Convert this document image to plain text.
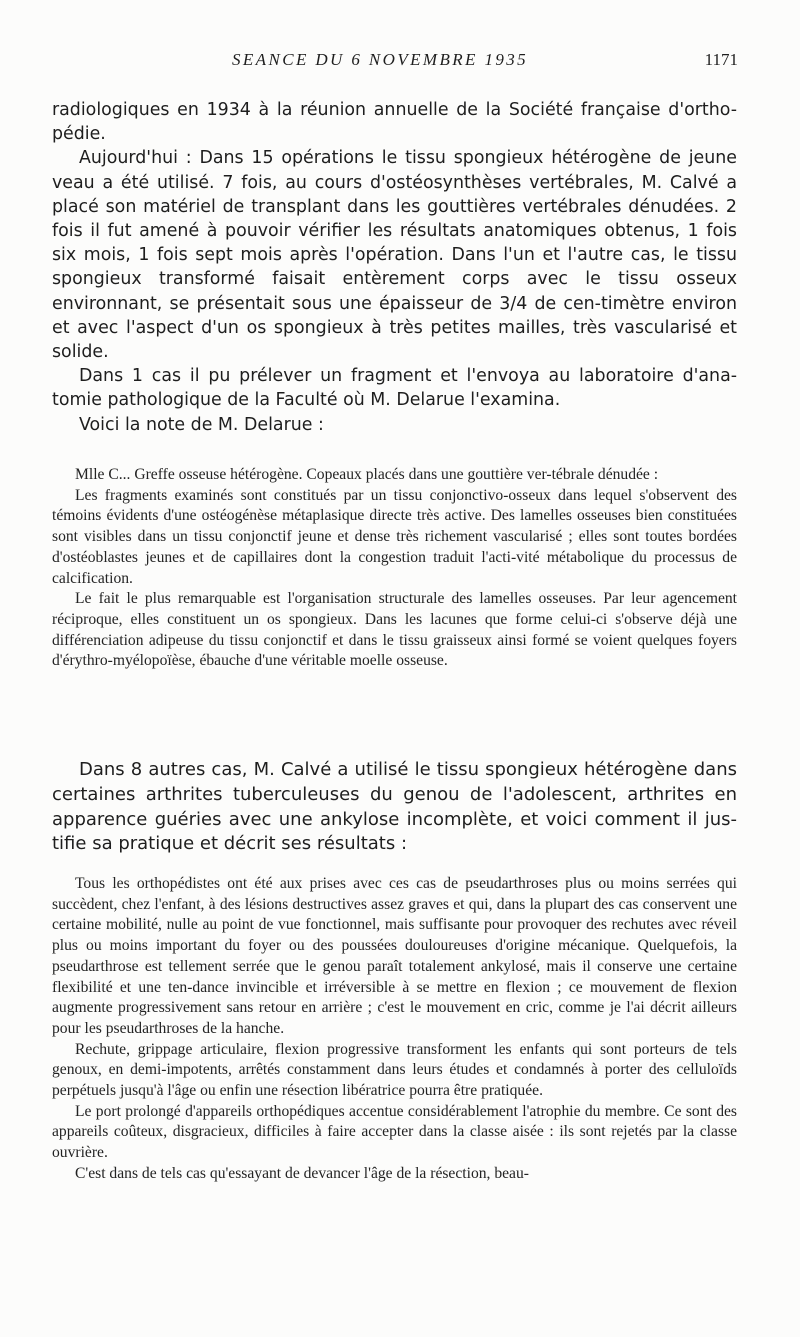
SEANCE DU 6 NOVEMBRE 1935	1171

radiologiques en 1934 à la réunion annuelle de la Société française d'ortho-pédie.

Aujourd'hui : Dans 15 opérations le tissu spongieux hétérogène de jeune veau a été utilisé. 7 fois, au cours d'ostéosynthèses vertébrales, M. Calvé a placé son matériel de transplant dans les gouttières vertébrales dénudées. 2 fois il fut amené à pouvoir vérifier les résultats anatomiques obtenus, 1 fois six mois, 1 fois sept mois après l'opération. Dans l'un et l'autre cas, le tissu spongieux transformé faisait entèrement corps avec le tissu osseux environnant, se présentait sous une épaisseur de 3/4 de cen-timètre environ et avec l'aspect d'un os spongieux à très petites mailles, très vascularisé et solide.

Dans 1 cas il pu prélever un fragment et l'envoya au laboratoire d'ana-tomie pathologique de la Faculté où M. Delarue l'examina.

Voici la note de M. Delarue :

Mlle C... Greffe osseuse hétérogène. Copeaux placés dans une gouttière ver-tébrale dénudée :

Les fragments examinés sont constitués par un tissu conjonctivo-osseux dans lequel s'observent des témoins évidents d'une ostéogénèse métaplasique directe très active. Des lamelles osseuses bien constituées sont visibles dans un tissu conjonctif jeune et dense très richement vascularisé ; elles sont toutes bordées d'ostéoblastes jeunes et de capillaires dont la congestion traduit l'acti-vité métabolique du processus de calcification.

Le fait le plus remarquable est l'organisation structurale des lamelles osseuses. Par leur agencement réciproque, elles constituent un os spongieux. Dans les lacunes que forme celui-ci s'observe déjà une différenciation adipeuse du tissu conjonctif et dans le tissu graisseux ainsi formé se voient quelques foyers d'érythro-myélopoïèse, ébauche d'une véritable moelle osseuse.

Dans 8 autres cas, M. Calvé a utilisé le tissu spongieux hétérogène dans certaines arthrites tuberculeuses du genou de l'adolescent, arthrites en apparence guéries avec une ankylose incomplète, et voici comment il jus-tifie sa pratique et décrit ses résultats :

Tous les orthopédistes ont été aux prises avec ces cas de pseudarthroses plus ou moins serrées qui succèdent, chez l'enfant, à des lésions destructives assez graves et qui, dans la plupart des cas conservent une certaine mobilité, nulle au point de vue fonctionnel, mais suffisante pour provoquer des rechutes avec réveil plus ou moins important du foyer ou des poussées douloureuses d'origine mécanique. Quelquefois, la pseudarthrose est tellement serrée que le genou paraît totalement ankylosé, mais il conserve une certaine flexibilité et une ten-dance invincible et irréversible à se mettre en flexion ; ce mouvement de flexion augmente progressivement sans retour en arrière ; c'est le mouvement en cric, comme je l'ai décrit ailleurs pour les pseudarthroses de la hanche.

Rechute, grippage articulaire, flexion progressive transforment les enfants qui sont porteurs de tels genoux, en demi-impotents, arrêtés constamment dans leurs études et condamnés à porter des celluloïds perpétuels jusqu'à l'âge ou enfin une résection libératrice pourra être pratiquée.

Le port prolongé d'appareils orthopédiques accentue considérablement l'atrophie du membre. Ce sont des appareils coûteux, disgracieux, difficiles à faire accepter dans la classe aisée : ils sont rejetés par la classe ouvrière.

C'est dans de tels cas qu'essayant de devancer l'âge de la résection, beau-
